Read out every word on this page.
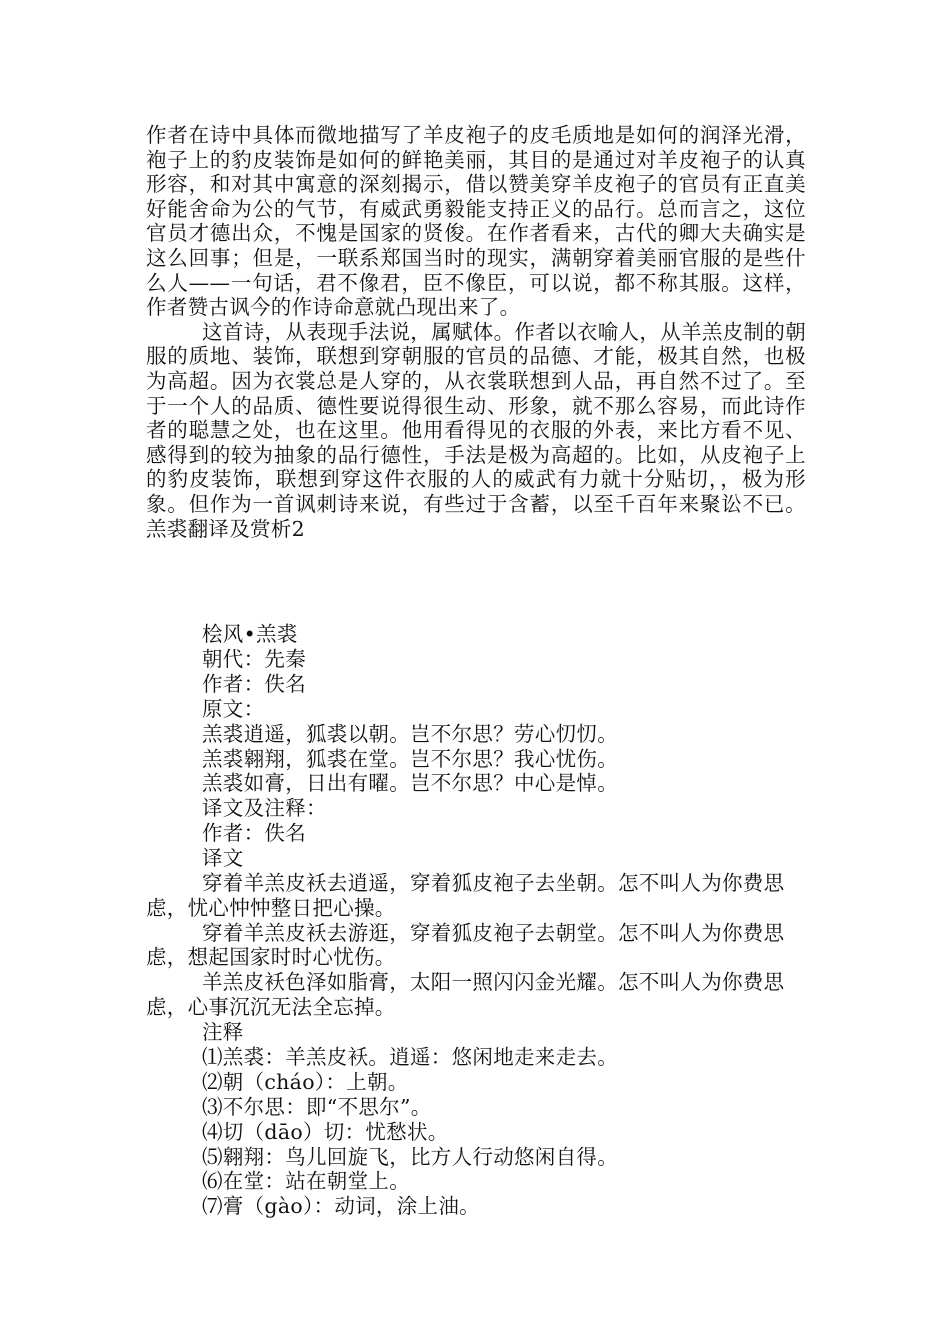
作者在诗中具体而微地描写了羊皮袍子的皮毛质地是如何的润泽光滑，袍子上的豹皮装饰是如何的鲜艳美丽，其目的是通过对羊皮袍子的认真形容，和对其中寓意的深刻揭示，借以赞美穿羊皮袍子的官员有正直美好能舍命为公的气节，有威武勇毅能支持正义的品行。总而言之，这位官员才德出众，不愧是国家的贤俊。在作者看来，古代的卿大夫确实是这么回事；但是，一联系郑国当时的现实，满朝穿着美丽官服的是些什么人——一句话，君不像君，臣不像臣，可以说，都不称其服。这样，作者赞古讽今的作诗命意就凸现出来了。

这首诗，从表现手法说，属赋体。作者以衣喻人，从羊羔皮制的朝服的质地、装饰，联想到穿朝服的官员的品德、才能，极其自然，也极为高超。因为衣裳总是人穿的，从衣裳联想到人品，再自然不过了。至于一个人的品质、德性要说得很生动、形象，就不那么容易，而此诗作者的聪慧之处，也在这里。他用看得见的衣服的外表，来比方看不见、感得到的较为抽象的品行德性，手法是极为高超的。比如，从皮袍子上的豹皮装饰，联想到穿这件衣服的人的威武有力就十分贴切，，极为形象。但作为一首讽刺诗来说，有些过于含蓄，以至千百年来聚讼不已。羔裘翻译及赏析2

桧风•羔裘
朝代：先秦
作者：佚名
原文：
羔裘逍遥，狐裘以朝。岂不尔思？劳心忉忉。
羔裘翱翔，狐裘在堂。岂不尔思？我心忧伤。
羔裘如膏，日出有曜。岂不尔思？中心是悼。
译文及注释：
作者：佚名
译文

穿着羊羔皮袄去逍遥，穿着狐皮袍子去坐朝。怎不叫人为你费思虑，忧心忡忡整日把心操。

穿着羊羔皮袄去游逛，穿着狐皮袍子去朝堂。怎不叫人为你费思虑，想起国家时时心忧伤。

羊羔皮袄色泽如脂膏，太阳一照闪闪金光耀。怎不叫人为你费思虑，心事沉沉无法全忘掉。

注释
⑴羔裘：羊羔皮袄。逍遥：悠闲地走来走去。
⑵朝（cháo）：上朝。
⑶不尔思：即“不思尔”。
⑷切（dāo）切：忧愁状。
⑸翱翔：鸟儿回旋飞，比方人行动悠闲自得。
⑹在堂：站在朝堂上。
⑺膏（gào）：动词，涂上油。
